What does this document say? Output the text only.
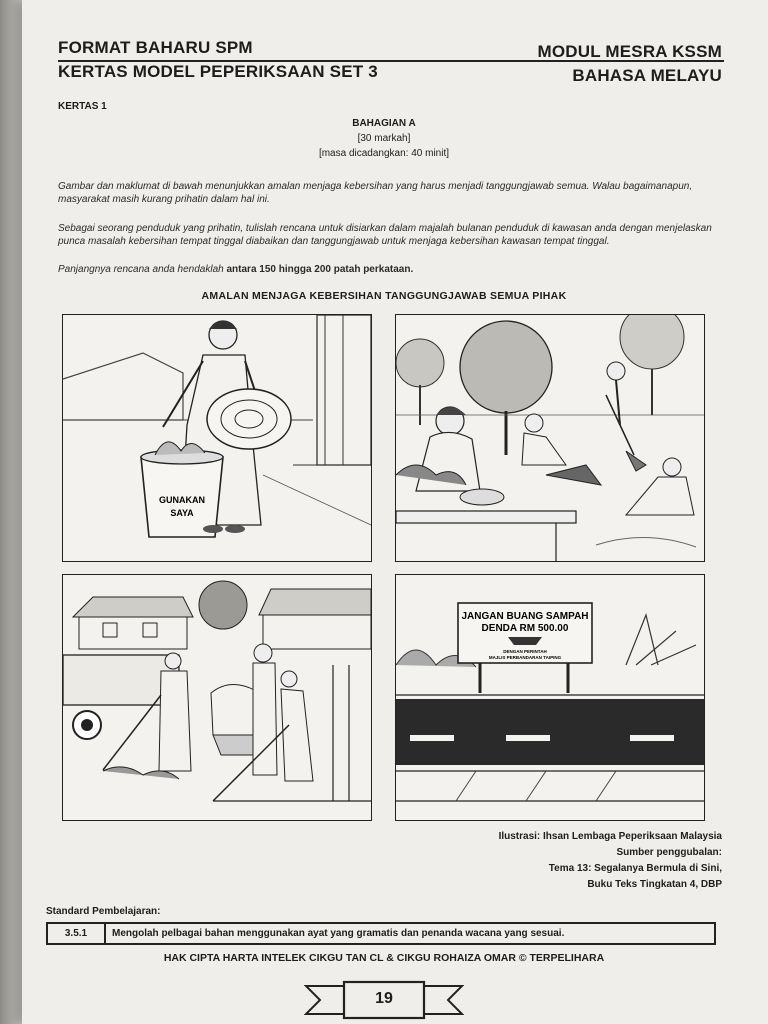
FORMAT BAHARU SPM
KERTAS MODEL PEPERIKSAAN SET 3
MODUL MESRA KSSM
BAHASA MELAYU
KERTAS 1
BAHAGIAN A
[30 markah]
[masa dicadangkan: 40 minit]
Gambar dan maklumat di bawah menunjukkan amalan menjaga kebersihan yang harus menjadi tanggungjawab semua. Walau bagaimanapun, masyarakat masih kurang prihatin dalam hal ini.
Sebagai seorang penduduk yang prihatin, tulislah rencana untuk disiarkan dalam majalah bulanan penduduk di kawasan anda dengan menjelaskan punca masalah kebersihan tempat tinggal diabaikan dan tanggungjawab untuk menjaga kebersihan kawasan tempat tinggal.
Panjangnya rencana anda hendaklah antara 150 hingga 200 patah perkataan.
AMALAN MENJAGA KEBERSIHAN TANGGUNGJAWAB SEMUA PIHAK
GUNAKAN
SAYA
JANGAN BUANG SAMPAH
DENDA RM 500.00
DENGAN PERINTAH
MAJLIS PERBANDARAN TAIPING
Ilustrasi: Ihsan Lembaga Peperiksaan Malaysia
Sumber penggubalan:
Tema 13: Segalanya Bermula di Sini,
Buku Teks Tingkatan 4, DBP
Standard Pembelajaran:
3.5.1	Mengolah pelbagai bahan menggunakan ayat yang gramatis dan penanda wacana yang sesuai.
HAK CIPTA HARTA INTELEK CIKGU TAN CL & CIKGU ROHAIZA OMAR © TERPELIHARA
19
